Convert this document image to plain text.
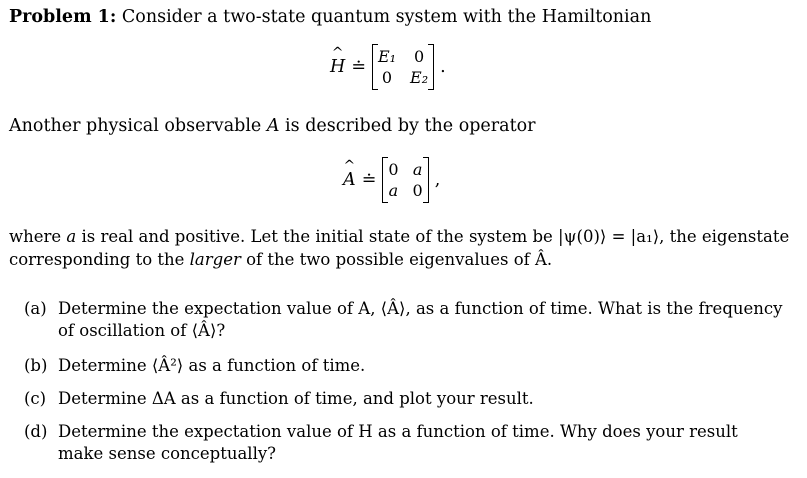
Problem 1: Consider a two-state quantum system with the Hamiltonian
^ H ≐
E₁ 0
0 E₂
.
Another physical observable A is described by the operator
^ A ≐
0 a
a 0
,
where a is real and positive. Let the initial state of the system be |ψ(0)⟩ = |a₁⟩, the eigenstate
corresponding to the larger of the two possible eigenvalues of Â.
(a) Determine the expectation value of A, ⟨Â⟩, as a function of time. What is the frequency
of oscillation of ⟨Â⟩?
(b) Determine ⟨Â²⟩ as a function of time.
(c) Determine ΔA as a function of time, and plot your result.
(d) Determine the expectation value of H as a function of time. Why does your result
make sense conceptually?
